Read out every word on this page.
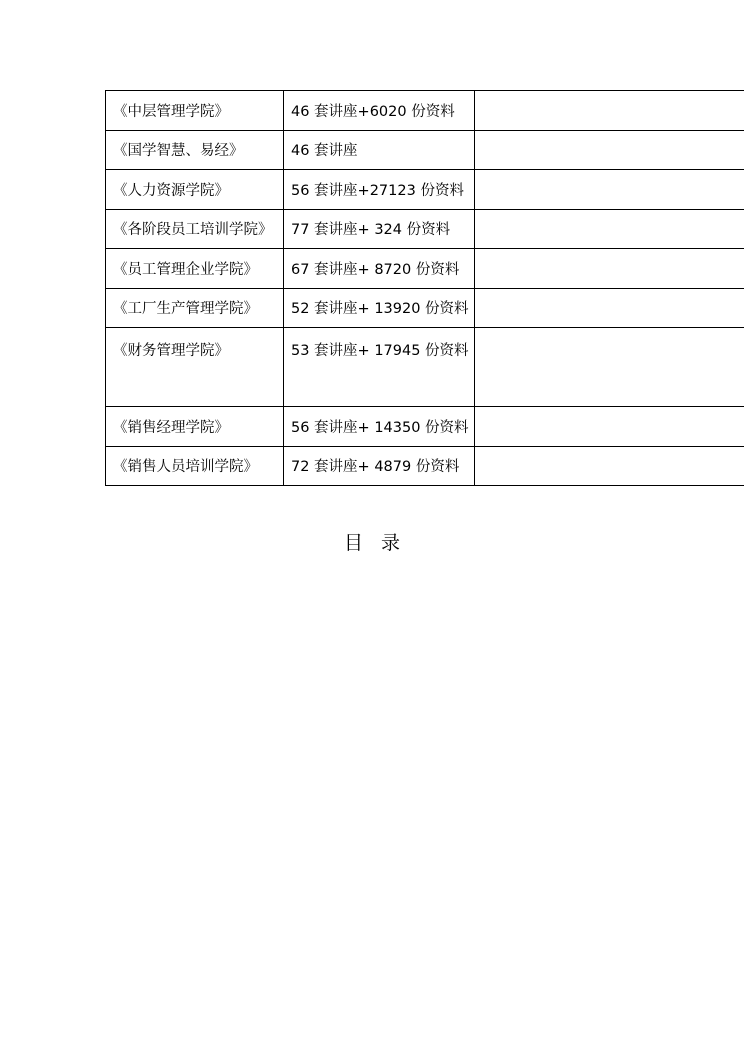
《中层管理学院》	46 套讲座+6020 份资料	
《国学智慧、易经》	46 套讲座	
《人力资源学院》	56 套讲座+27123 份资料	
《各阶段员工培训学院》	77 套讲座+ 324 份资料	
《员工管理企业学院》	67 套讲座+ 8720 份资料	
《工厂生产管理学院》	52 套讲座+ 13920 份资料	
《财务管理学院》	53 套讲座+ 17945 份资料	
《销售经理学院》	56 套讲座+ 14350 份资料	
《销售人员培训学院》	72 套讲座+ 4879 份资料	
目录
